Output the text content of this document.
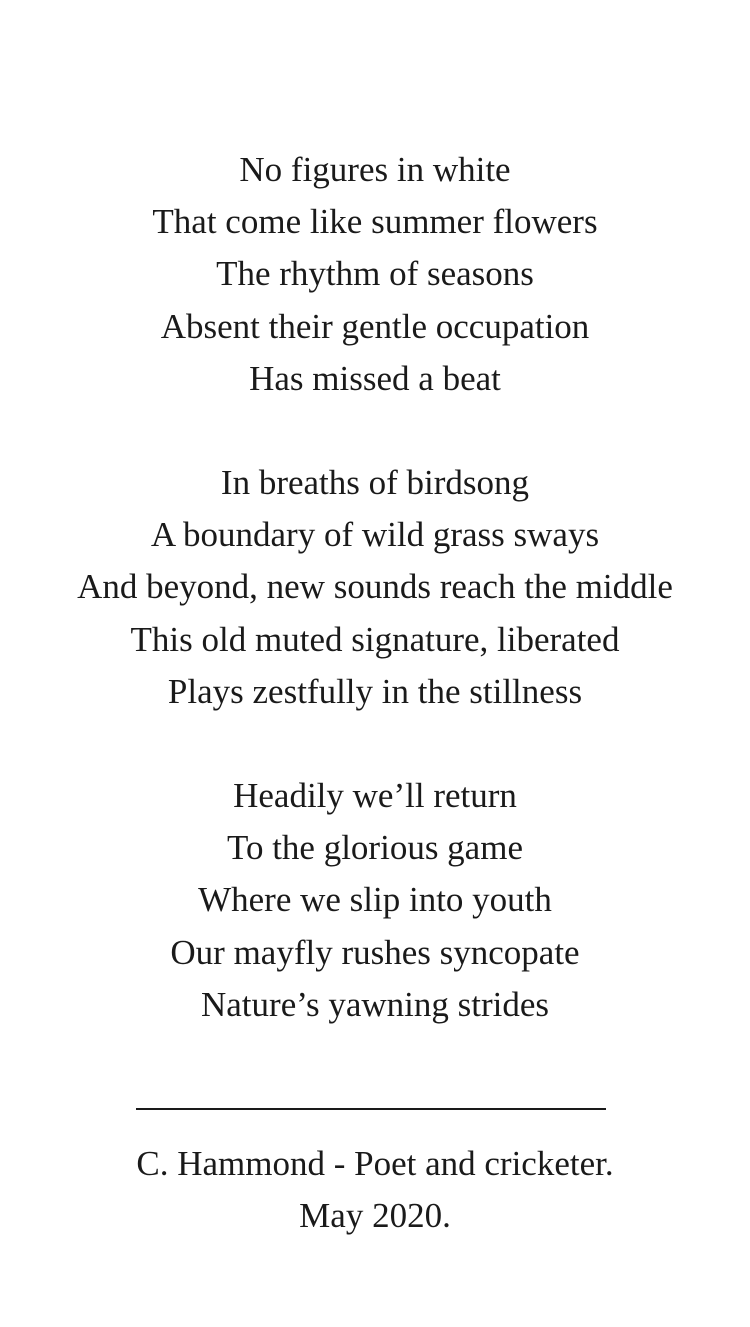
No figures in white
That come like summer flowers
The rhythm of seasons
Absent their gentle occupation
Has missed a beat

In breaths of birdsong
A boundary of wild grass sways
And beyond, new sounds reach the middle
This old muted signature, liberated
Plays zestfully in the stillness

Headily we’ll return
To the glorious game
Where we slip into youth
Our mayfly rushes syncopate
Nature’s yawning strides

C. Hammond - Poet and cricketer.
May 2020.
